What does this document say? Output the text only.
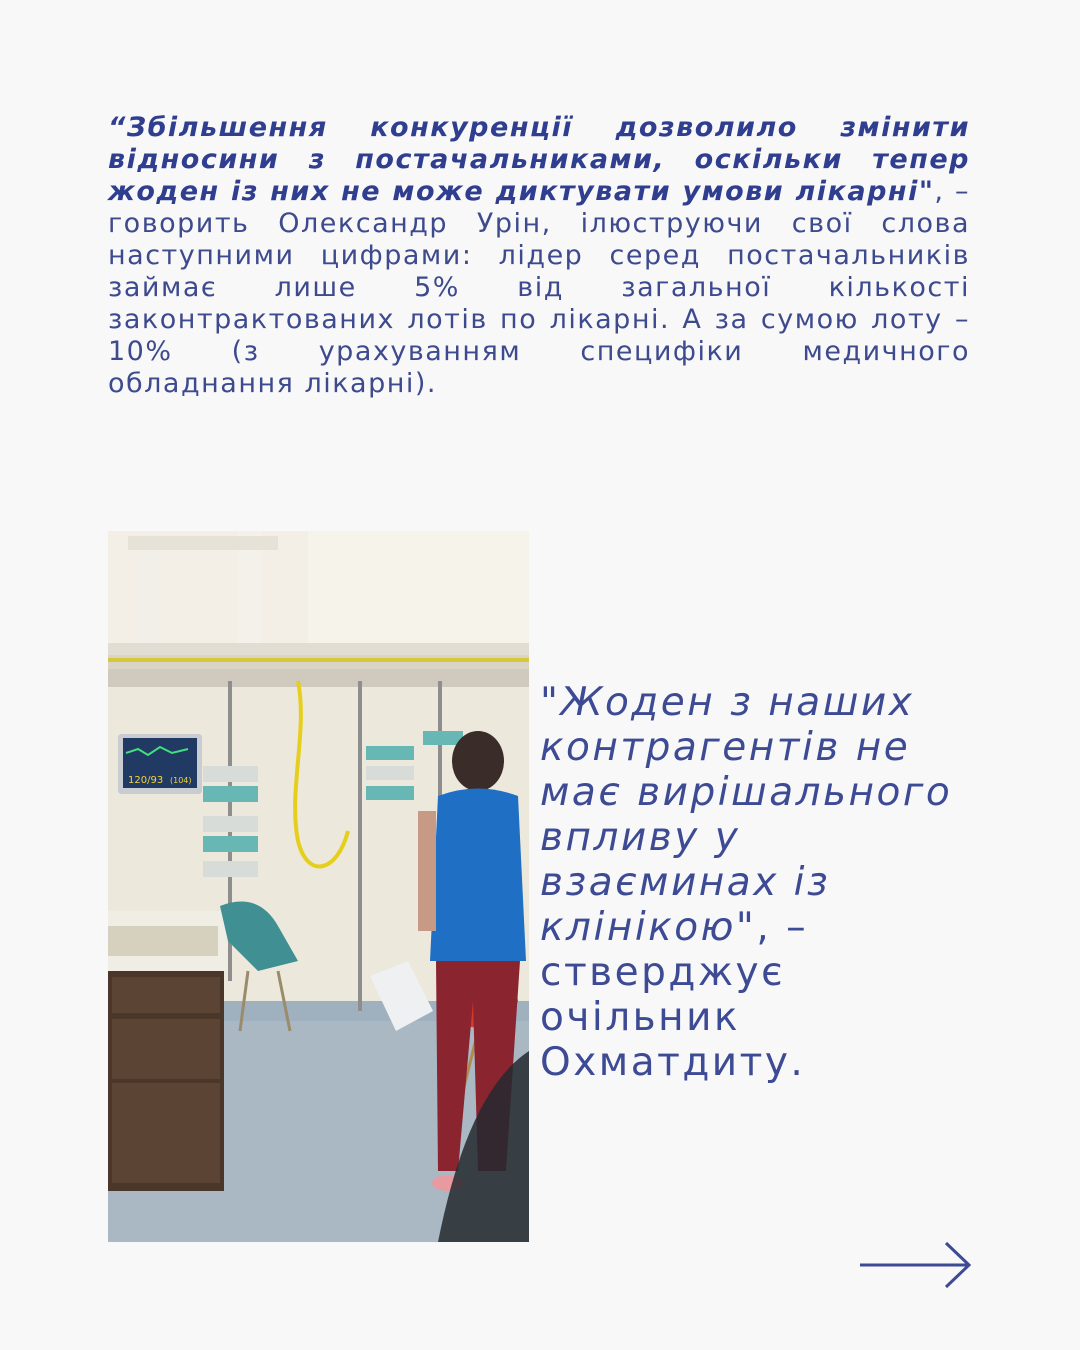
“Збільшення конкуренції дозволило змінити відносини з постачальниками, оскільки тепер жоден із них не може диктувати умови лікарні", – говорить Олександр Урін, ілюструючи свої слова наступними цифрами: лідер серед постачальників займає лише 5% від загальної кількості законтрактованих лотів по лікарні. А за сумою лоту – 10% (з урахуванням специфіки медичного обладнання лікарні).

120/93 (104)

"Жоден з наших контрагентів не має вирішального впливу у взаєминах із клінікою", – стверджує очільник Охматдиту.
